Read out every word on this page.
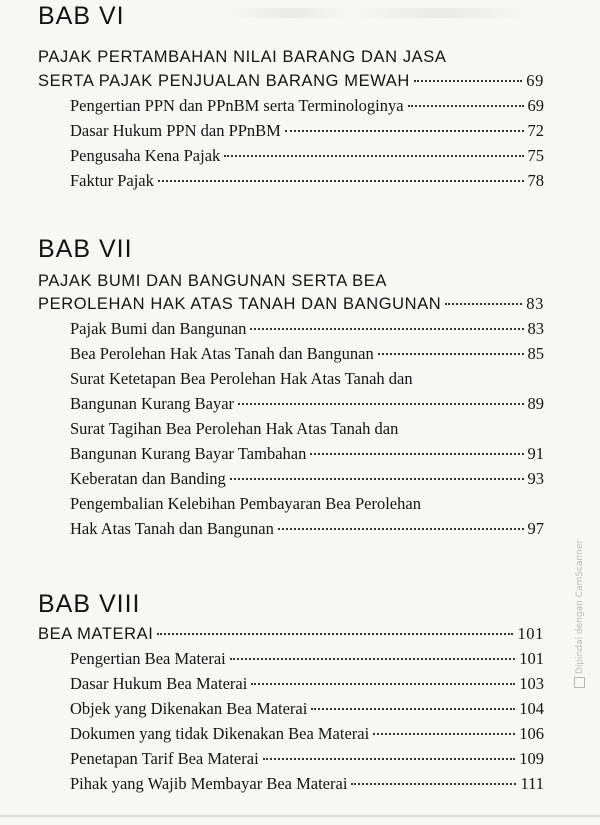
BAB VI
PAJAK PERTAMBAHAN NILAI BARANG DAN JASA
SERTA PAJAK PENJUALAN BARANG MEWAH	69
Pengertian PPN dan PPnBM serta Terminologinya	69
Dasar Hukum PPN dan PPnBM	72
Pengusaha Kena Pajak	75
Faktur Pajak	78
BAB VII
PAJAK BUMI DAN BANGUNAN SERTA BEA
PEROLEHAN HAK ATAS TANAH DAN BANGUNAN	83
Pajak Bumi dan Bangunan	83
Bea Perolehan Hak Atas Tanah dan Bangunan	85
Surat Ketetapan Bea Perolehan Hak Atas Tanah dan
Bangunan Kurang Bayar	89
Surat Tagihan Bea Perolehan Hak Atas Tanah dan
Bangunan Kurang Bayar Tambahan	91
Keberatan dan Banding	93
Pengembalian Kelebihan Pembayaran Bea Perolehan
Hak Atas Tanah dan Bangunan	97
BAB VIII
BEA MATERAI	101
Pengertian Bea Materai	101
Dasar Hukum Bea Materai	103
Objek yang Dikenakan Bea Materai	104
Dokumen yang tidak Dikenakan Bea Materai	106
Penetapan Tarif Bea Materai	109
Pihak yang Wajib Membayar Bea Materai	111
Dipindai dengan CamScanner
